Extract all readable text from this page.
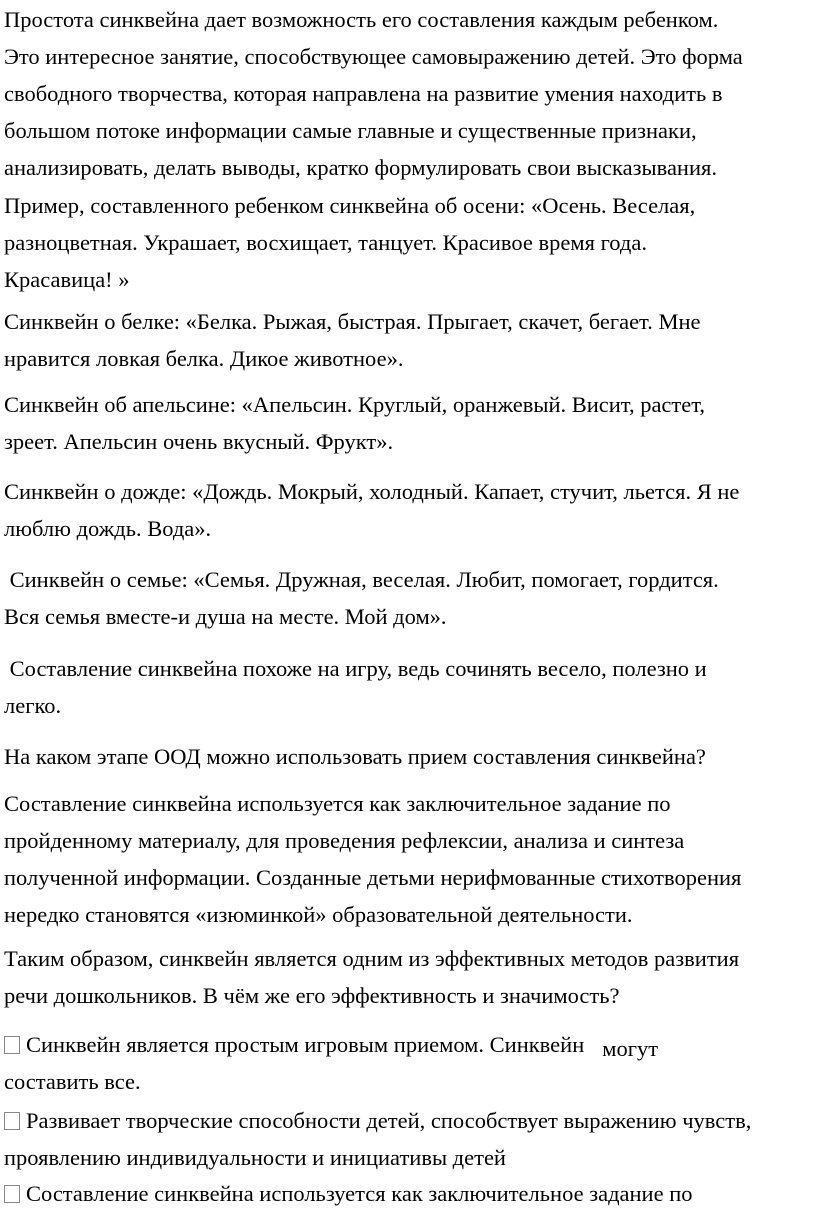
Простота синквейна дает возможность его составления каждым ребенком.
Это интересное занятие, способствующее самовыражению детей. Это форма
свободного творчества, которая направлена на развитие умения находить в
большом потоке информации самые главные и существенные признаки,
анализировать, делать выводы, кратко формулировать свои высказывания.

Пример, составленного ребенком синквейна об осени: «Осень. Веселая,
разноцветная. Украшает, восхищает, танцует. Красивое время года.
Красавица! »

Синквейн о белке: «Белка. Рыжая, быстрая. Прыгает, скачет, бегает. Мне
нравится ловкая белка. Дикое животное».

Синквейн об апельсине: «Апельсин. Круглый, оранжевый. Висит, растет,
зреет. Апельсин очень вкусный. Фрукт».

Синквейн о дожде: «Дождь. Мокрый, холодный. Капает, стучит, льется. Я не
люблю дождь. Вода».

Синквейн о семье: «Семья. Дружная, веселая. Любит, помогает, гордится.
Вся семья вместе-и душа на месте. Мой дом».

Составление синквейна похоже на игру, ведь сочинять весело, полезно и
легко.

На каком этапе ООД можно использовать прием составления синквейна?

Составление синквейна используется как заключительное задание по
пройденному материалу, для проведения рефлексии, анализа и синтеза
полученной информации. Созданные детьми нерифмованные стихотворения
нередко становятся «изюминкой» образовательной деятельности.

Таким образом, синквейн является одним из эффективных методов развития
речи дошкольников. В чём же его эффективность и значимость?

Синквейн является простым игровым приемом. Синквейн могут
составить все.

Развивает творческие способности детей, способствует выражению чувств,
проявлению индивидуальности и инициативы детей

Составление синквейна используется как заключительное задание по
